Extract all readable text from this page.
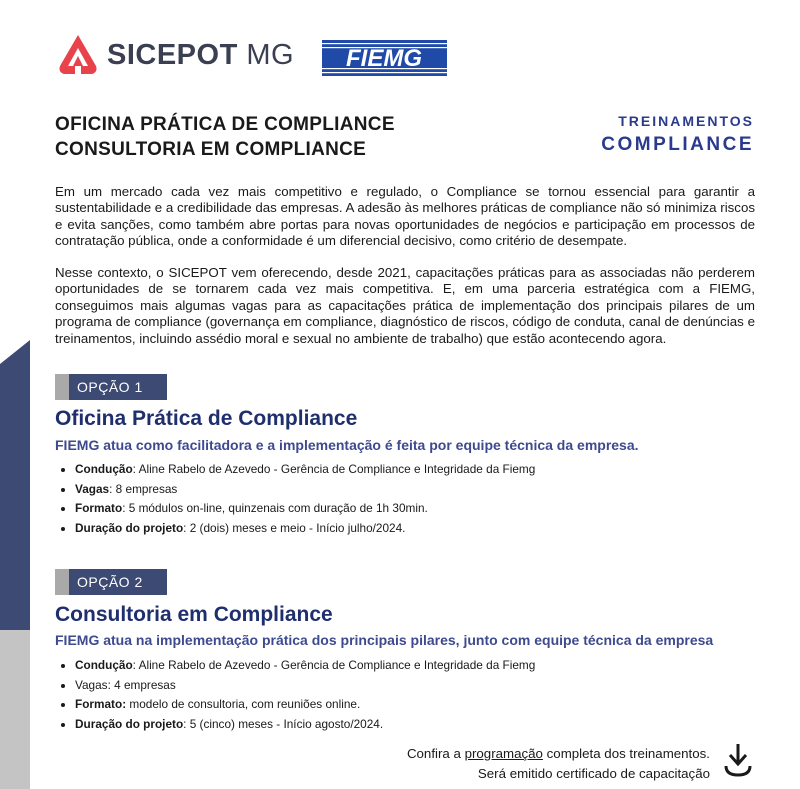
SICEPOT MG FIEMG
OFICINA PRÁTICA DE COMPLIANCE
CONSULTORIA EM COMPLIANCE
TREINAMENTOS
COMPLIANCE
Em um mercado cada vez mais competitivo e regulado, o Compliance se tornou essencial para garantir a sustentabilidade e a credibilidade das empresas. A adesão às melhores práticas de compliance não só minimiza riscos e evita sanções, como também abre portas para novas oportunidades de negócios e participação em processos de contratação pública, onde a conformidade é um diferencial decisivo, como critério de desempate.
Nesse contexto, o SICEPOT vem oferecendo, desde 2021, capacitações práticas para as associadas não perderem oportunidades de se tornarem cada vez mais competitiva. E, em uma parceria estratégica com a FIEMG, conseguimos mais algumas vagas para as capacitações prática de implementação dos principais pilares de um programa de compliance (governança em compliance, diagnóstico de riscos, código de conduta, canal de denúncias e treinamentos, incluindo assédio moral e sexual no ambiente de trabalho) que estão acontecendo agora.
OPÇÃO 1
Oficina Prática de Compliance
FIEMG atua como facilitadora e a implementação é feita por equipe técnica da empresa.
• Condução: Aline Rabelo de Azevedo - Gerência de Compliance e Integridade da Fiemg
• Vagas: 8 empresas
• Formato: 5 módulos on-line, quinzenais com duração de 1h 30min.
• Duração do projeto: 2 (dois) meses e meio - Início julho/2024.
OPÇÃO 2
Consultoria em Compliance
FIEMG atua na implementação prática dos principais pilares, junto com equipe técnica da empresa
• Condução: Aline Rabelo de Azevedo - Gerência de Compliance e Integridade da Fiemg
• Vagas: 4 empresas
• Formato: modelo de consultoria, com reuniões online.
• Duração do projeto: 5 (cinco) meses - Início agosto/2024.
Confira a programação completa dos treinamentos.
Será emitido certificado de capacitação
